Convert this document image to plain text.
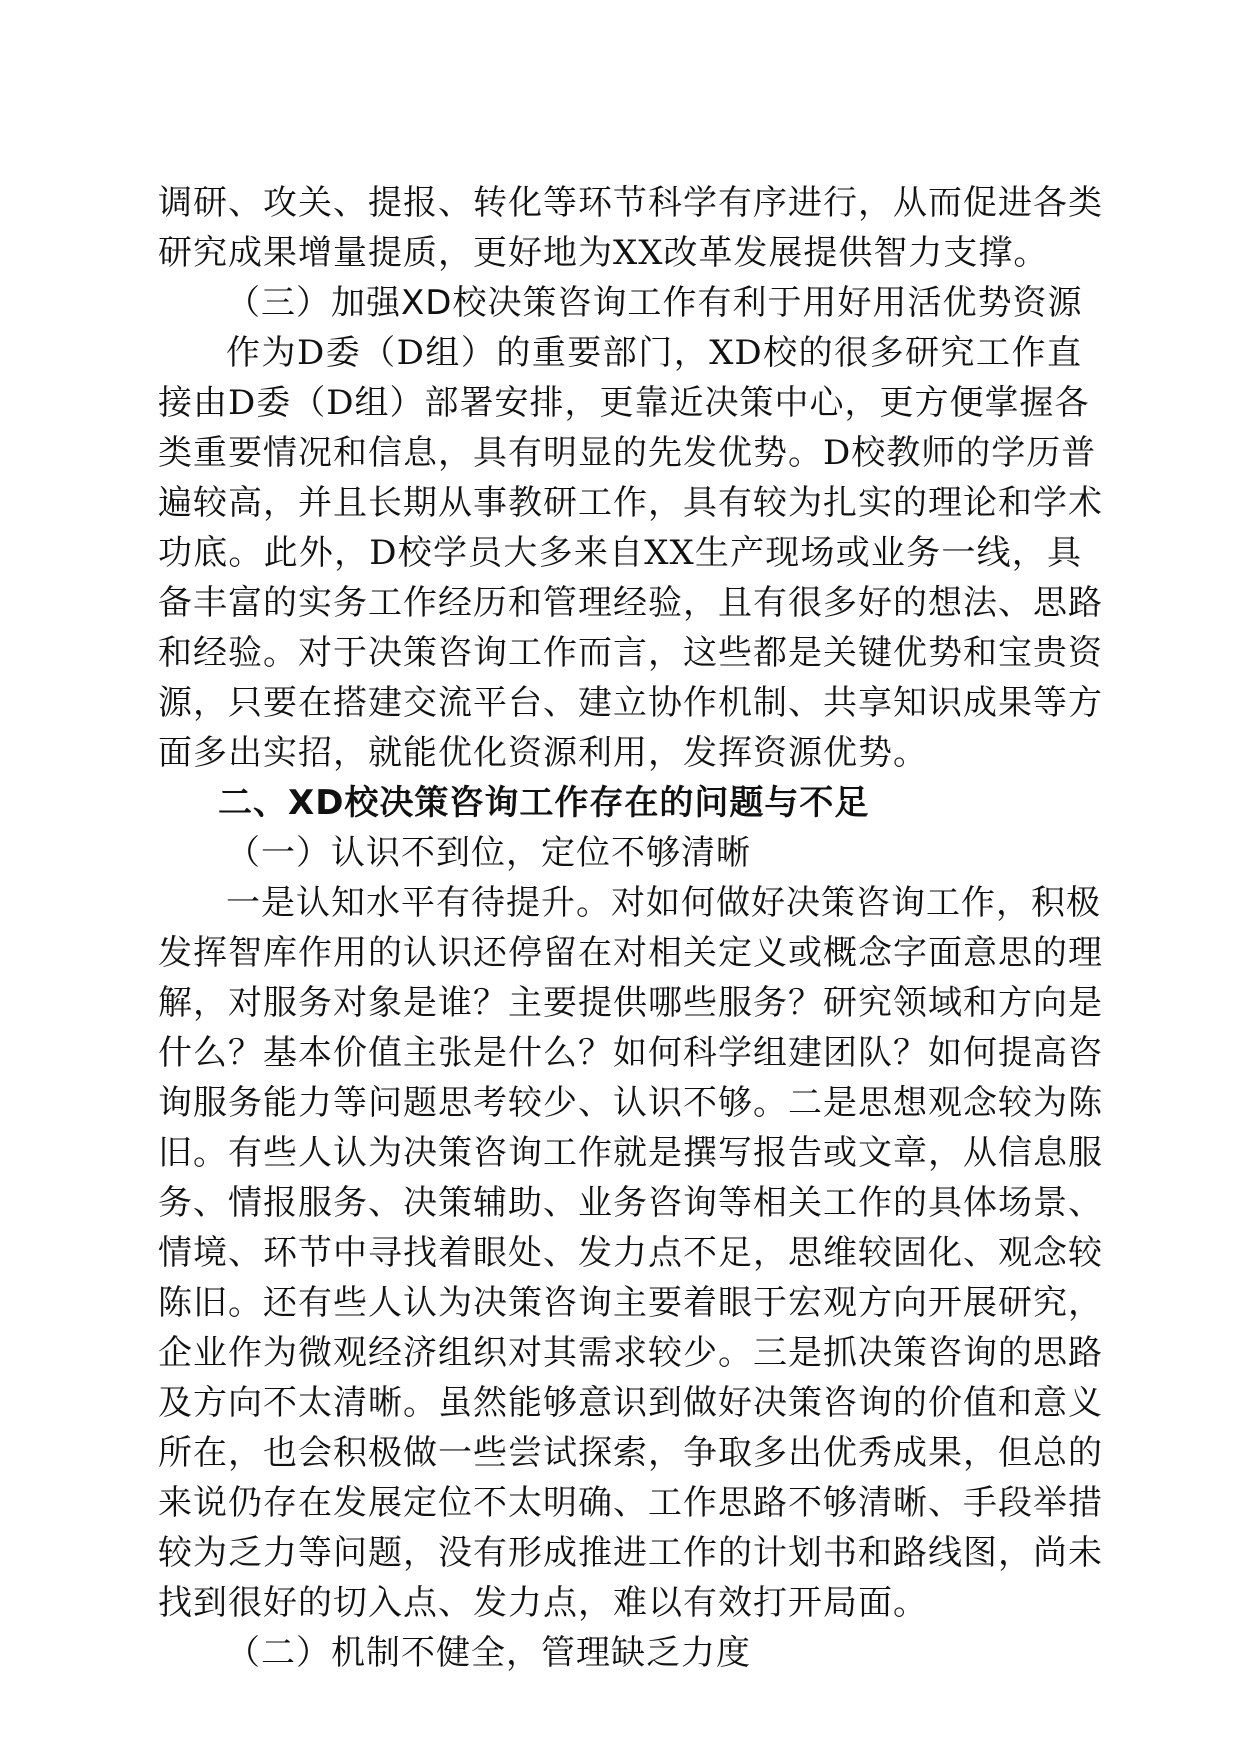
调研、攻关、提报、转化等环节科学有序进行，从而促进各类
研究成果增量提质，更好地为XX改革发展提供智力支撑。
（三）加强XD校决策咨询工作有利于用好用活优势资源
作为D委（D组）的重要部门，XD校的很多研究工作直
接由D委（D组）部署安排，更靠近决策中心，更方便掌握各
类重要情况和信息，具有明显的先发优势。D校教师的学历普
遍较高，并且长期从事教研工作，具有较为扎实的理论和学术
功底。此外，D校学员大多来自XX生产现场或业务一线，具
备丰富的实务工作经历和管理经验，且有很多好的想法、思路
和经验。对于决策咨询工作而言，这些都是关键优势和宝贵资
源，只要在搭建交流平台、建立协作机制、共享知识成果等方
面多出实招，就能优化资源利用，发挥资源优势。
二、XD校决策咨询工作存在的问题与不足
（一）认识不到位，定位不够清晰
一是认知水平有待提升。对如何做好决策咨询工作，积极
发挥智库作用的认识还停留在对相关定义或概念字面意思的理
解，对服务对象是谁？主要提供哪些服务？研究领域和方向是
什么？基本价值主张是什么？如何科学组建团队？如何提高咨
询服务能力等问题思考较少、认识不够。二是思想观念较为陈
旧。有些人认为决策咨询工作就是撰写报告或文章，从信息服
务、情报服务、决策辅助、业务咨询等相关工作的具体场景、
情境、环节中寻找着眼处、发力点不足，思维较固化、观念较
陈旧。还有些人认为决策咨询主要着眼于宏观方向开展研究，
企业作为微观经济组织对其需求较少。三是抓决策咨询的思路
及方向不太清晰。虽然能够意识到做好决策咨询的价值和意义
所在，也会积极做一些尝试探索，争取多出优秀成果，但总的
来说仍存在发展定位不太明确、工作思路不够清晰、手段举措
较为乏力等问题，没有形成推进工作的计划书和路线图，尚未
找到很好的切入点、发力点，难以有效打开局面。
（二）机制不健全，管理缺乏力度
